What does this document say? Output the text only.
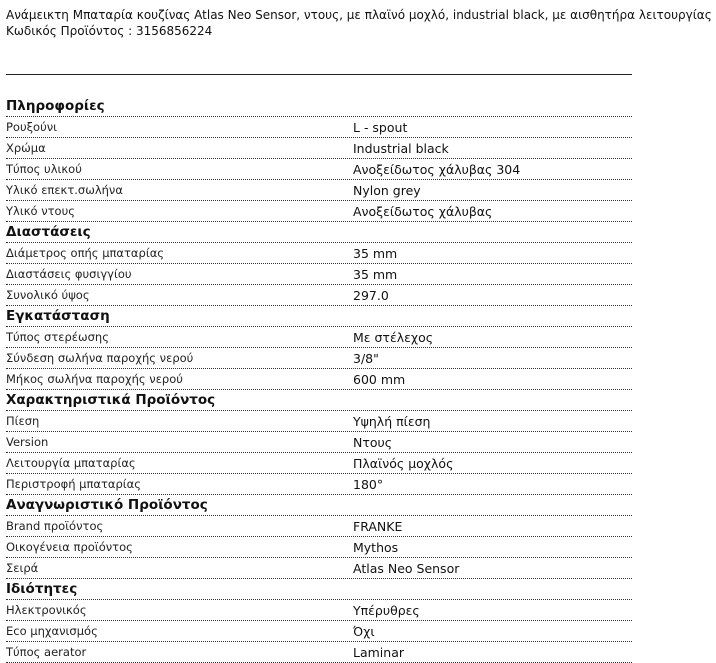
Ανάμεικτη Μπαταρία κουζίνας Atlas Neo Sensor, ντους, με πλαϊνό μοχλό, industrial black, με αισθητήρα λειτουργίας
Κωδικός Προϊόντος : 3156856224
Πληροφορίες
Ρουξούνι	L - spout
Χρώμα	Industrial black
Τύπος υλικού	Ανοξείδωτος χάλυβας 304
Υλικό επεκτ.σωλήνα	Nylon grey
Υλικό ντους	Ανοξείδωτος χάλυβας
Διαστάσεις
Διάμετρος οπής μπαταρίας	35 mm
Διαστάσεις φυσιγγίου	35 mm
Συνολικό ύψος	297.0
Εγκατάσταση
Τύπος στερέωσης	Με στέλεχος
Σύνδεση σωλήνα παροχής νερού	3/8"
Μήκος σωλήνα παροχής νερού	600 mm
Χαρακτηριστικά Προϊόντος
Πίεση	Υψηλή πίεση
Version	Ντους
Λειτουργία μπαταρίας	Πλαϊνός μοχλός
Περιστροφή μπαταρίας	180°
Αναγνωριστικό Προϊόντος
Brand προϊόντος	FRANKE
Οικογένεια προϊόντος	Mythos
Σειρά	Atlas Neo Sensor
Ιδιότητες
Ηλεκτρονικός	Υπέρυθρες
Eco μηχανισμός	Όχι
Τύπος aerator	Laminar
